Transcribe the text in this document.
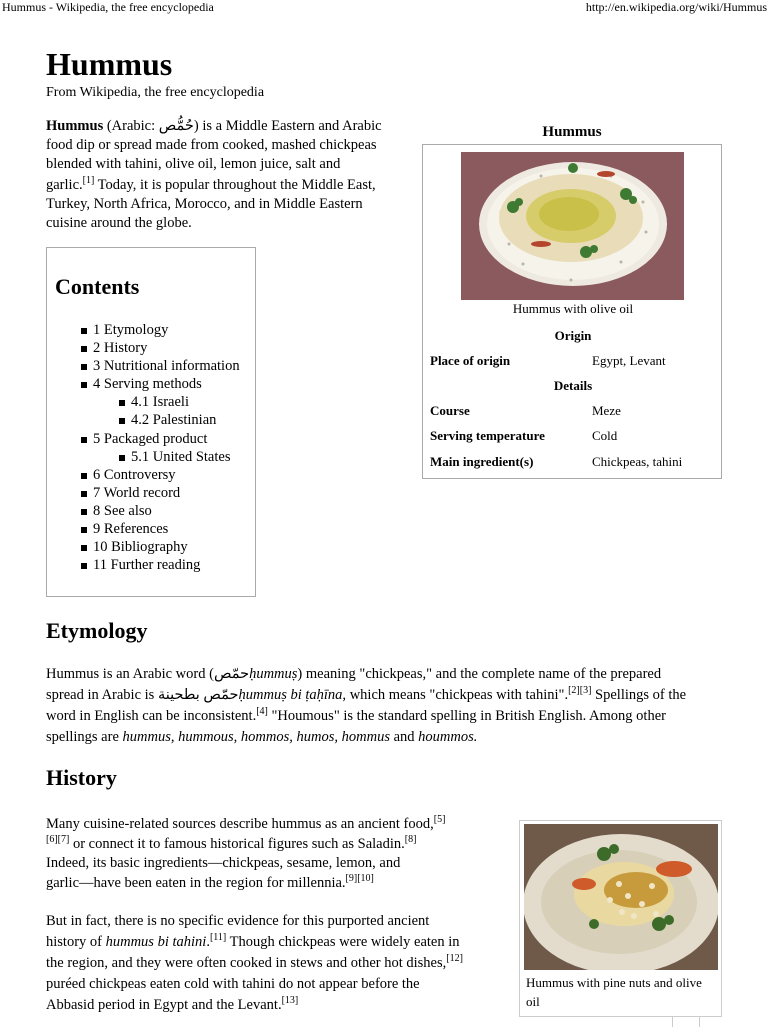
Hummus - Wikipedia, the free encyclopedia	http://en.wikipedia.org/wiki/Hummus
Hummus
From Wikipedia, the free encyclopedia
Hummus (Arabic: حُمُّص) is a Middle Eastern and Arabic
food dip or spread made from cooked, mashed chickpeas
blended with tahini, olive oil, lemon juice, salt and
garlic.[1] Today, it is popular throughout the Middle East,
Turkey, North Africa, Morocco, and in Middle Eastern
cuisine around the globe.
Contents
1 Etymology
2 History
3 Nutritional information
4 Serving methods
4.1 Israeli
4.2 Palestinian
5 Packaged product
5.1 United States
6 Controversy
7 World record
8 See also
9 References
10 Bibliography
11 Further reading
Hummus
Hummus with olive oil
Origin
Place of origin	Egypt, Levant
Details
Course	Meze
Serving temperature	Cold
Main ingredient(s)	Chickpeas, tahini
Etymology
Hummus is an Arabic word (حمّصḥummuṣ) meaning "chickpeas," and the complete name of the prepared
spread in Arabic is حمّص بطحينةḥummuṣ bi ṭaḥīna, which means "chickpeas with tahini".[2][3] Spellings of the
word in English can be inconsistent.[4] "Houmous" is the standard spelling in British English. Among other
spellings are hummus, hummous, hommos, humos, hommus and hoummos.
History
Many cuisine-related sources describe hummus as an ancient food,[5]
[6][7] or connect it to famous historical figures such as Saladin.[8]
Indeed, its basic ingredients—chickpeas, sesame, lemon, and
garlic—have been eaten in the region for millennia.[9][10]
But in fact, there is no specific evidence for this purported ancient
history of hummus bi tahini.[11] Though chickpeas were widely eaten in
the region, and they were often cooked in stews and other hot dishes,[12]
puréed chickpeas eaten cold with tahini do not appear before the
Abbasid period in Egypt and the Levant.[13]
Hummus with pine nuts and olive oil
